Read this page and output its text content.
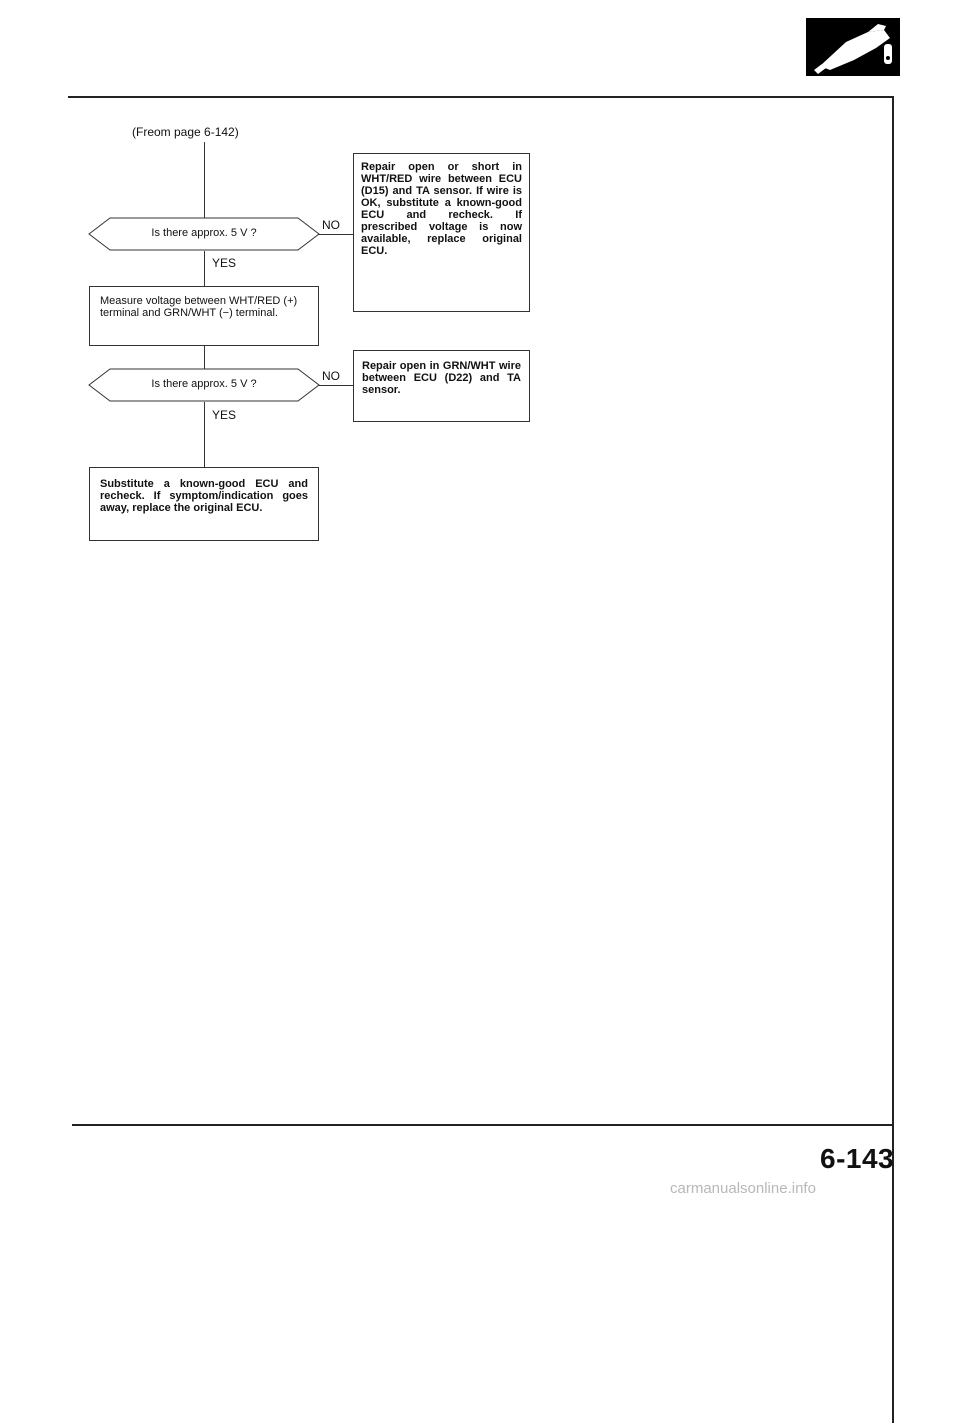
(Freom page 6-142)
Is there approx. 5 V ?
YES
NO
Repair open or short in WHT/RED wire between ECU (D15) and TA sensor. If wire is OK, substitute a known-good ECU and recheck. If prescribed voltage is now available, replace original ECU.
Measure voltage between WHT/RED (+) terminal and GRN/WHT (−) terminal.
Is there approx. 5 V ?
YES
NO
Repair open in GRN/WHT wire between ECU (D22) and TA sensor.
Substitute a known-good ECU and recheck. If symptom/indication goes away, replace the original ECU.
6-143
carmanualsonline.info
